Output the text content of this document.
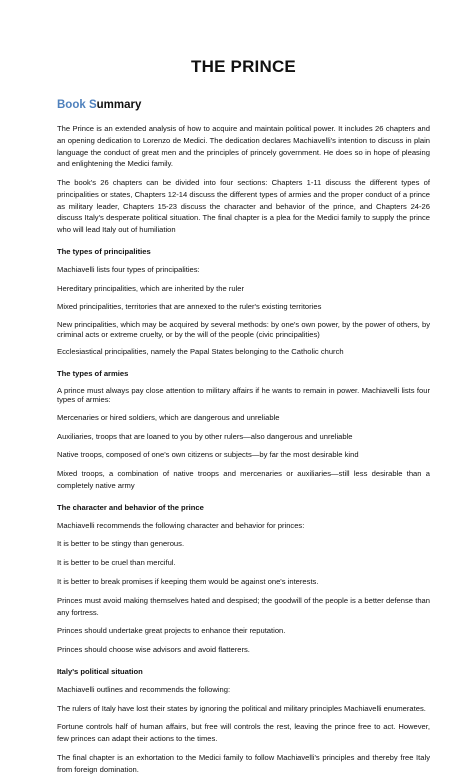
THE PRINCE
Book Summary

The Prince is an extended analysis of how to acquire and maintain political power. It includes 26 chapters and an opening dedication to Lorenzo de Medici. The dedication declares Machiavelli's intention to discuss in plain language the conduct of great men and the principles of princely government. He does so in hope of pleasing and enlightening the Medici family.

The book's 26 chapters can be divided into four sections: Chapters 1-11 discuss the different types of principalities or states, Chapters 12-14 discuss the different types of armies and the proper conduct of a prince as military leader, Chapters 15-23 discuss the character and behavior of the prince, and Chapters 24-26 discuss Italy's desperate political situation. The final chapter is a plea for the Medici family to supply the prince who will lead Italy out of humiliation

The types of principalities

Machiavelli lists four types of principalities:

Hereditary principalities, which are inherited by the ruler

Mixed principalities, territories that are annexed to the ruler's existing territories

New principalities, which may be acquired by several methods: by one's own power, by the power of others, by criminal acts or extreme cruelty, or by the will of the people (civic principalities)

Ecclesiastical principalities, namely the Papal States belonging to the Catholic church

The types of armies

A prince must always pay close attention to military affairs if he wants to remain in power. Machiavelli lists four types of armies:

Mercenaries or hired soldiers, which are dangerous and unreliable

Auxiliaries, troops that are loaned to you by other rulers—also dangerous and unreliable

Native troops, composed of one's own citizens or subjects—by far the most desirable kind

Mixed troops, a combination of native troops and mercenaries or auxiliaries—still less desirable than a completely native army

The character and behavior of the prince

Machiavelli recommends the following character and behavior for princes:

It is better to be stingy than generous.

It is better to be cruel than merciful.

It is better to break promises if keeping them would be against one's interests.

Princes must avoid making themselves hated and despised; the goodwill of the people is a better defense than any fortress.

Princes should undertake great projects to enhance their reputation.

Princes should choose wise advisors and avoid flatterers.

Italy's political situation

Machiavelli outlines and recommends the following:

The rulers of Italy have lost their states by ignoring the political and military principles Machiavelli enumerates.

Fortune controls half of human affairs, but free will controls the rest, leaving the prince free to act. However, few princes can adapt their actions to the times.

The final chapter is an exhortation to the Medici family to follow Machiavelli's principles and thereby free Italy from foreign domination.
